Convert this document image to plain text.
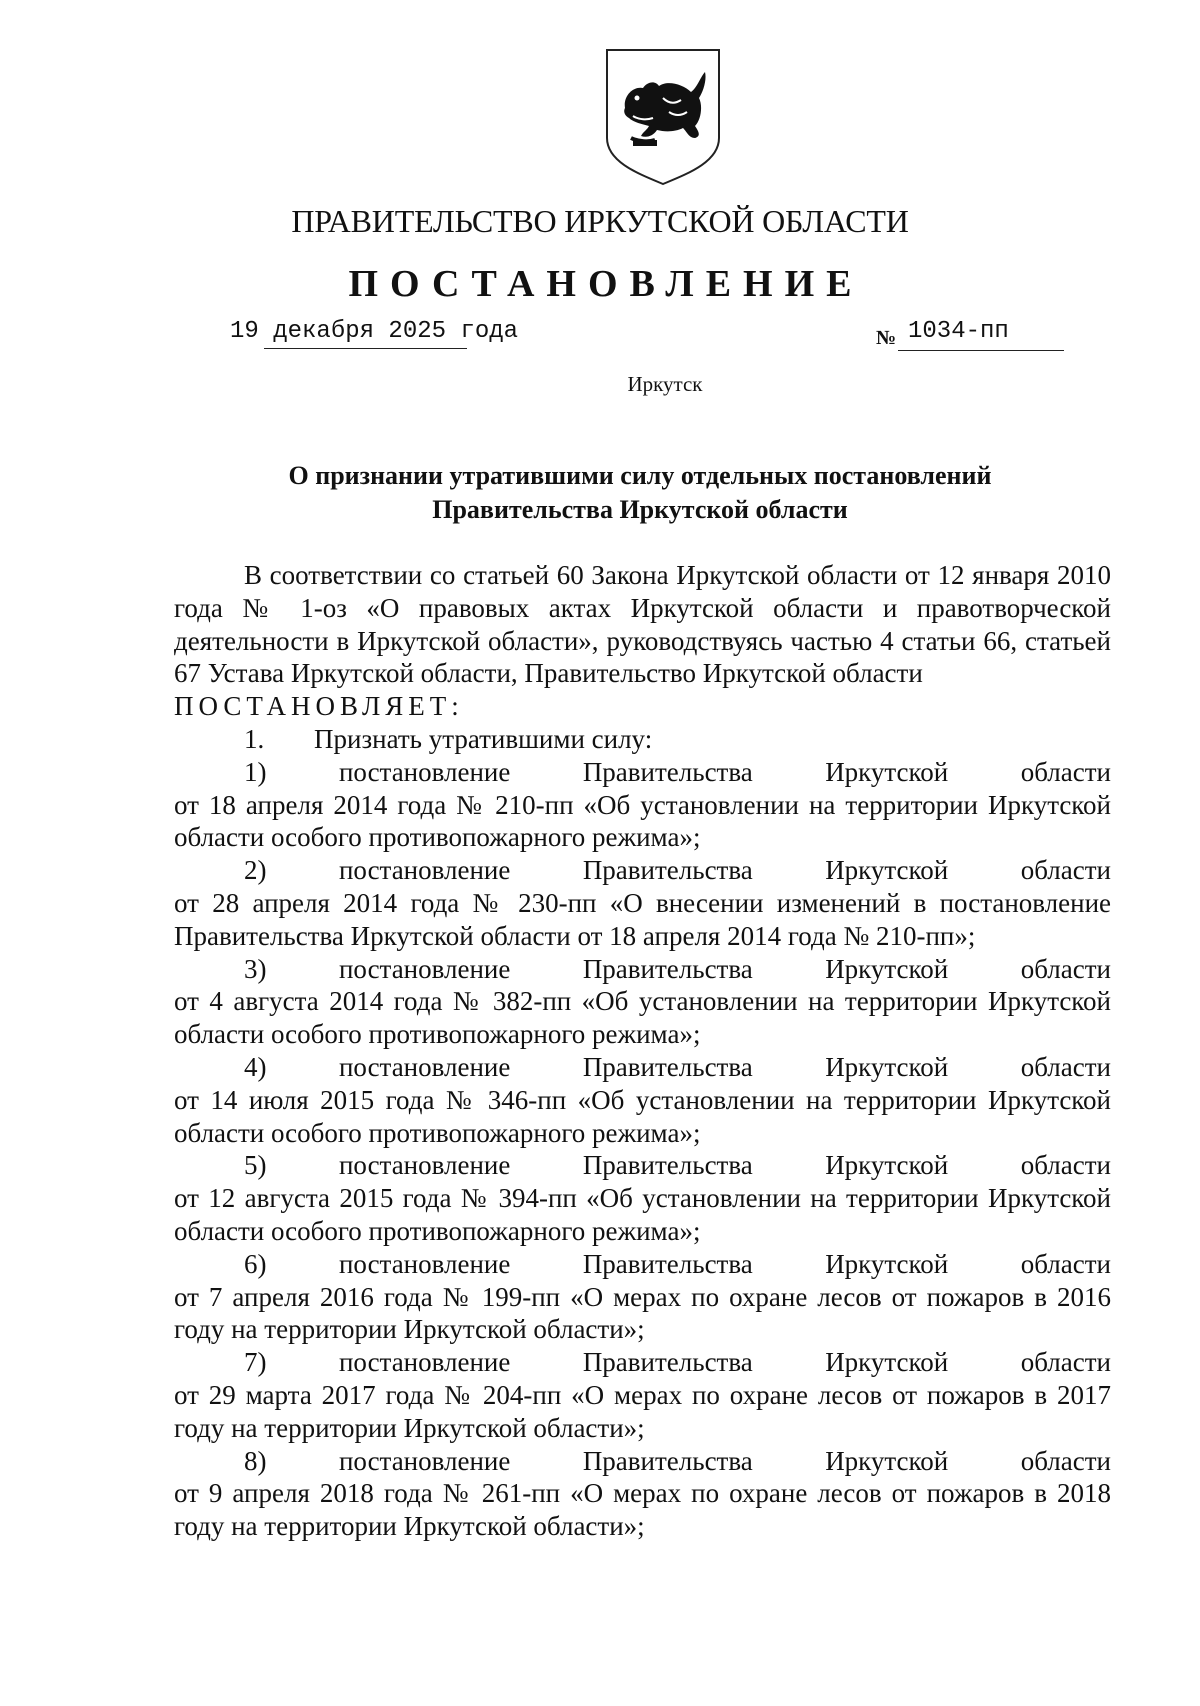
ПРАВИТЕЛЬСТВО ИРКУТСКОЙ ОБЛАСТИ
ПОСТАНОВЛЕНИЕ
19 декабря 2025 года	№ 1034-пп
Иркутск
О признании утратившими силу отдельных постановлений
Правительства Иркутской области

В соответствии со статьей 60 Закона Иркутской области от 12 января 2010 года № 1-оз «О правовых актах Иркутской области и правотворческой деятельности в Иркутской области», руководствуясь частью 4 статьи 66, статьей 67 Устава Иркутской области, Правительство Иркутской области

ПОСТАНОВЛЯЕТ:

1. Признать утратившими силу:

1)	постановление	Правительства	Иркутской	области
от 18 апреля 2014 года № 210-пп «Об установлении на территории Иркутской области особого противопожарного режима»;
2)	постановление	Правительства	Иркутской	области
от 28 апреля 2014 года № 230-пп «О внесении изменений в постановление Правительства Иркутской области от 18 апреля 2014 года № 210-пп»;
3)	постановление	Правительства	Иркутской	области
от 4 августа 2014 года № 382-пп «Об установлении на территории Иркутской области особого противопожарного режима»;
4)	постановление	Правительства	Иркутской	области
от 14 июля 2015 года № 346-пп «Об установлении на территории Иркутской области особого противопожарного режима»;
5)	постановление	Правительства	Иркутской	области
от 12 августа 2015 года № 394-пп «Об установлении на территории Иркутской области особого противопожарного режима»;
6)	постановление	Правительства	Иркутской	области
от 7 апреля 2016 года № 199-пп «О мерах по охране лесов от пожаров в 2016 году на территории Иркутской области»;
7)	постановление	Правительства	Иркутской	области
от 29 марта 2017 года № 204-пп «О мерах по охране лесов от пожаров в 2017 году на территории Иркутской области»;
8)	постановление	Правительства	Иркутской	области
от 9 апреля 2018 года № 261-пп «О мерах по охране лесов от пожаров в 2018 году на территории Иркутской области»;
